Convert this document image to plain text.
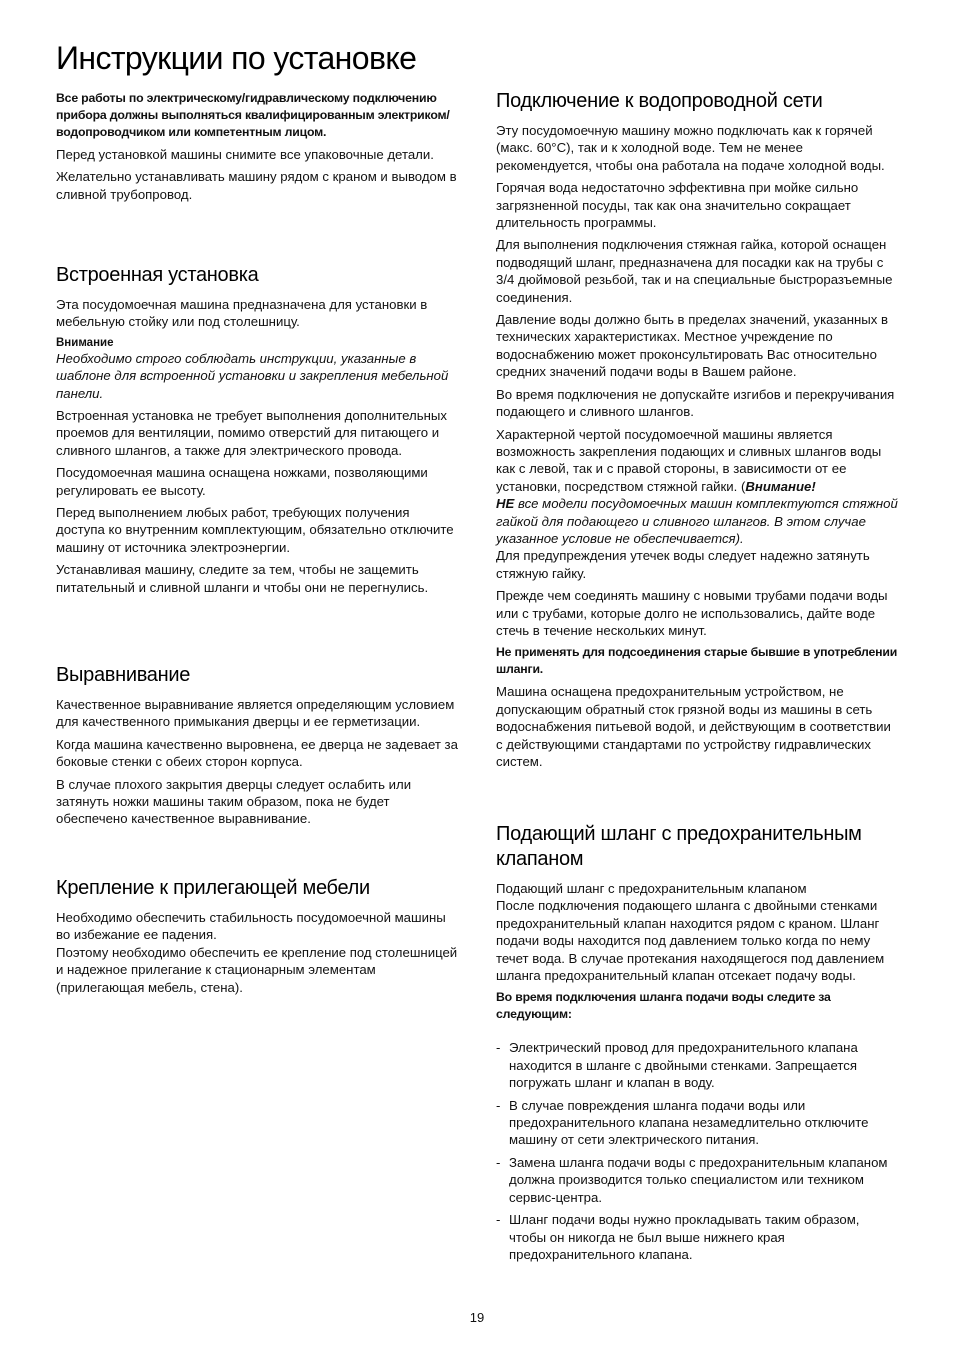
Инструкции по установке

Все работы по электрическому/гидравлическому подключению прибора должны выполняться квалифицированным электриком/водопроводчиком или компетентным лицом.

Перед установкой машины снимите все упаковочные детали.

Желательно устанавливать машину рядом с краном и выводом в сливной трубопровод.

Встроенная установка

Эта посудомоечная машина предназначена для установки в мебельную стойку или под столешницу.

Внимание

Необходимо строго соблюдать инструкции, указанные в шаблоне для встроенной установки и закрепления мебельной панели.

Встроенная установка не требует выполнения дополнительных проемов для вентиляции, помимо отверстий для питающего и сливного шлангов, а также для электрического провода.

Посудомоечная машина оснащена ножками, позволяющими регулировать ее высоту.

Перед выполнением любых работ, требующих получения доступа ко внутренним комплектующим, обязательно отключите машину от источника электроэнергии.

Устанавливая машину, следите за тем, чтобы не защемить питательный и сливной шланги и чтобы они не перегнулись.

Выравнивание

Качественное выравнивание является определяющим условием для качественного примыкания дверцы и ее герметизации.

Когда машина качественно выровнена, ее дверца не задевает за боковые стенки с обеих сторон корпуса.

В случае плохого закрытия дверцы следует ослабить или затянуть ножки машины таким образом, пока не будет обеспечено качественное выравнивание.

Крепление к прилегающей мебели

Необходимо обеспечить стабильность посудомоечной машины во избежание ее падения.
Поэтому необходимо обеспечить ее крепление под столешницей и надежное прилегание к стационарным элементам (прилегающая мебель, стена).

Подключение к водопроводной сети

Эту посудомоечную машину можно подключать как к горячей (макс. 60°C), так и к холодной воде. Тем не менее рекомендуется, чтобы она работала на подаче холодной воды.

Горячая вода недостаточно эффективна при мойке сильно загрязненной посуды, так как она значительно сокращает длительность программы.

Для выполнения подключения стяжная гайка, которой оснащен подводящий шланг, предназначена для посадки как на трубы с 3/4 дюймовой резьбой, так и на специальные быстроразъемные соединения.

Давление воды должно быть в пределах значений, указанных в технических характеристиках. Местное учреждение по водоснабжению может проконсультировать Вас относительно средних значений подачи воды в Вашем районе.

Во время подключения не допускайте изгибов и перекручивания подающего и сливного шлангов.

Характерной чертой посудомоечной машины является возможность закрепления подающих и сливных шлангов воды как с левой, так и с правой стороны, в зависимости от ее установки, посредством стяжной гайки. (Внимание!
НЕ все модели посудомоечных машин комплектуются стяжной гайкой для подающего и сливного шлангов. В этом случае указанное условие не обеспечивается).
Для предупреждения утечек воды следует надежно затянуть стяжную гайку.

Прежде чем соединять машину с новыми трубами подачи воды или с трубами, которые долго не использовались, дайте воде стечь в течение нескольких минут.

Не применять для подсоединения старые бывшие в употреблении шланги.

Машина оснащена предохранительным устройством, не допускающим обратный сток грязной воды из машины в сеть водоснабжения питьевой водой, и действующим в соответствии с действующими стандартами по устройству гидравлических систем.

Подающий шланг с предохранительным клапаном

Подающий шланг с предохранительным клапаном
После подключения подающего шланга с двойными стенками предохранительный клапан находится рядом с краном. Шланг подачи воды находится под давлением только когда по нему течет вода. В случае протекания находящегося под давлением шланга предохранительный клапан отсекает подачу воды.

Во время подключения шланга подачи воды следите за следующим:

- Электрический провод для предохранительного клапана находится в шланге с двойными стенками. Запрещается погружать шланг и клапан в воду.
- В случае повреждения шланга подачи воды или предохранительного клапана незамедлительно отключите машину от сети электрического питания.
- Замена шланга подачи воды с предохранительным клапаном должна производится только специалистом или техником сервис-центра.
- Шланг подачи воды нужно прокладывать таким образом, чтобы он никогда не был выше нижнего края предохранительного клапана.
19
